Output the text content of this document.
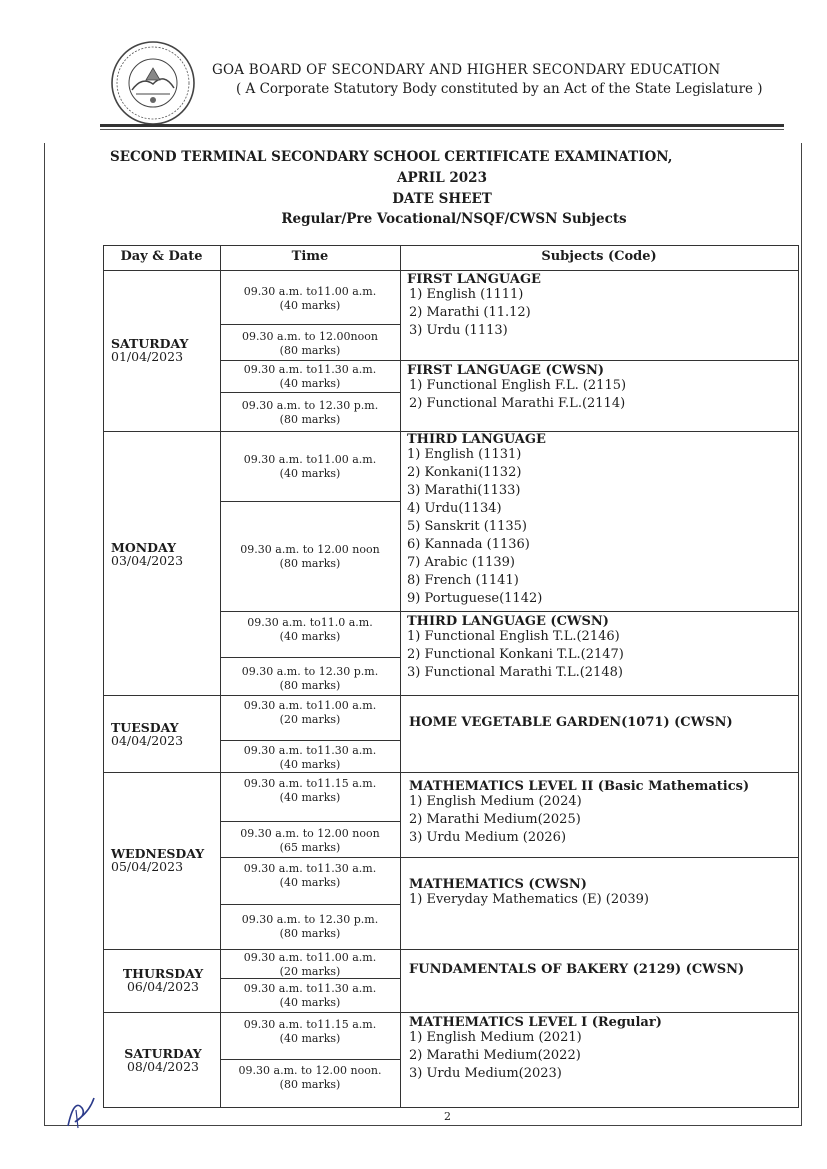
GOA BOARD OF SECONDARY AND HIGHER SECONDARY EDUCATION
( A Corporate Statutory Body constituted by an Act of the State Legislature )
SECOND TERMINAL SECONDARY SCHOOL CERTIFICATE EXAMINATION,
APRIL 2023
DATE SHEET
Regular/Pre Vocational/NSQF/CWSN Subjects
Day & Date	Time	Subjects (Code)
SATURDAY
01/04/2023
MONDAY
03/04/2023
TUESDAY
04/04/2023
WEDNESDAY
05/04/2023
THURSDAY
06/04/2023
SATURDAY
08/04/2023
09.30 a.m. to11.00 a.m.
(40 marks)
09.30 a.m. to 12.00noon
(80 marks)
09.30 a.m. to11.30 a.m.
(40 marks)
09.30 a.m. to 12.30 p.m.
(80 marks)
09.30 a.m. to11.00 a.m.
(40 marks)
09.30 a.m. to 12.00 noon
(80 marks)
09.30 a.m. to11.0 a.m.
(40 marks)
09.30 a.m. to 12.30 p.m.
(80 marks)
09.30 a.m. to11.00 a.m.
(20 marks)
09.30 a.m. to11.30 a.m.
(40 marks)
09.30 a.m. to11.15 a.m.
(40 marks)
09.30 a.m. to 12.00 noon
(65 marks)
09.30 a.m. to11.30 a.m.
(40 marks)
09.30 a.m. to 12.30 p.m.
(80 marks)
09.30 a.m. to11.00 a.m.
(20 marks)
09.30 a.m. to11.30 a.m.
(40 marks)
09.30 a.m. to11.15 a.m.
(40 marks)
09.30 a.m. to 12.00 noon.
(80 marks)
FIRST LANGUAGE
1) English (1111)
2) Marathi (11.12)
3) Urdu (1113)
FIRST LANGUAGE (CWSN)
1) Functional English F.L. (2115)
2) Functional Marathi F.L.(2114)
THIRD LANGUAGE
1) English (1131)
2) Konkani(1132)
3) Marathi(1133)
4) Urdu(1134)
5) Sanskrit (1135)
6) Kannada (1136)
7) Arabic (1139)
8) French (1141)
9) Portuguese(1142)
THIRD LANGUAGE (CWSN)
1) Functional English T.L.(2146)
2) Functional Konkani T.L.(2147)
3) Functional Marathi T.L.(2148)
HOME VEGETABLE GARDEN(1071) (CWSN)
MATHEMATICS LEVEL II (Basic Mathematics)
1) English Medium (2024)
2) Marathi Medium(2025)
3) Urdu Medium (2026)
MATHEMATICS (CWSN)
1) Everyday Mathematics (E) (2039)
FUNDAMENTALS OF BAKERY (2129) (CWSN)
MATHEMATICS LEVEL I (Regular)
1) English Medium (2021)
2) Marathi Medium(2022)
3) Urdu Medium(2023)
2
